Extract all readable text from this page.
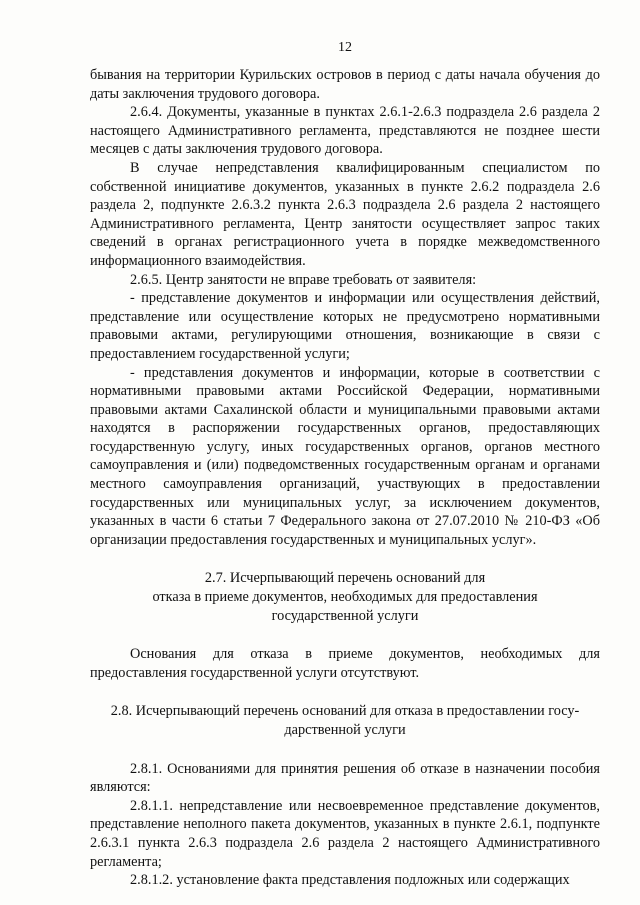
12

бывания на территории Курильских островов в период с даты начала обучения до даты заключения трудового договора.

2.6.4. Документы, указанные в пунктах 2.6.1-2.6.3 подраздела 2.6 раздела 2 настоящего Административного регламента, представляются не позднее шести месяцев с даты заключения трудового договора.

В случае непредставления квалифицированным специалистом по собственной инициативе документов, указанных в пункте 2.6.2 подраздела 2.6 раздела 2, подпункте 2.6.3.2 пункта 2.6.3 подраздела 2.6 раздела 2 настоящего Административного регламента, Центр занятости осуществляет запрос таких сведений в органах регистрационного учета в порядке межведомственного информационного взаимодействия.

2.6.5. Центр занятости не вправе требовать от заявителя:

- представление документов и информации или осуществления действий, представление или осуществление которых не предусмотрено нормативными правовыми актами, регулирующими отношения, возникающие в связи с предоставлением государственной услуги;

- представления документов и информации, которые в соответствии с нормативными правовыми актами Российской Федерации, нормативными правовыми актами Сахалинской области и муниципальными правовыми актами находятся в распоряжении государственных органов, предоставляющих государственную услугу, иных государственных органов, органов местного самоуправления и (или) подведомственных государственным органам и органами местного самоуправления организаций, участвующих в предоставлении государственных или муниципальных услуг, за исключением документов, указанных в части 6 статьи 7 Федерального закона от 27.07.2010 № 210-ФЗ «Об организации предоставления государственных и муниципальных услуг».

2.7. Исчерпывающий перечень оснований для

отказа в приеме документов, необходимых для предоставления

государственной услуги

Основания для отказа в приеме документов, необходимых для предоставления государственной услуги отсутствуют.

2.8. Исчерпывающий перечень оснований для отказа в предоставлении госу-

дарственной услуги

2.8.1. Основаниями для принятия решения об отказе в назначении пособия являются:

2.8.1.1. непредставление или несвоевременное представление документов, представление неполного пакета документов, указанных в пункте 2.6.1, подпункте 2.6.3.1 пункта 2.6.3 подраздела 2.6 раздела 2 настоящего Административного регламента;

2.8.1.2. установление факта представления подложных или содержащих
